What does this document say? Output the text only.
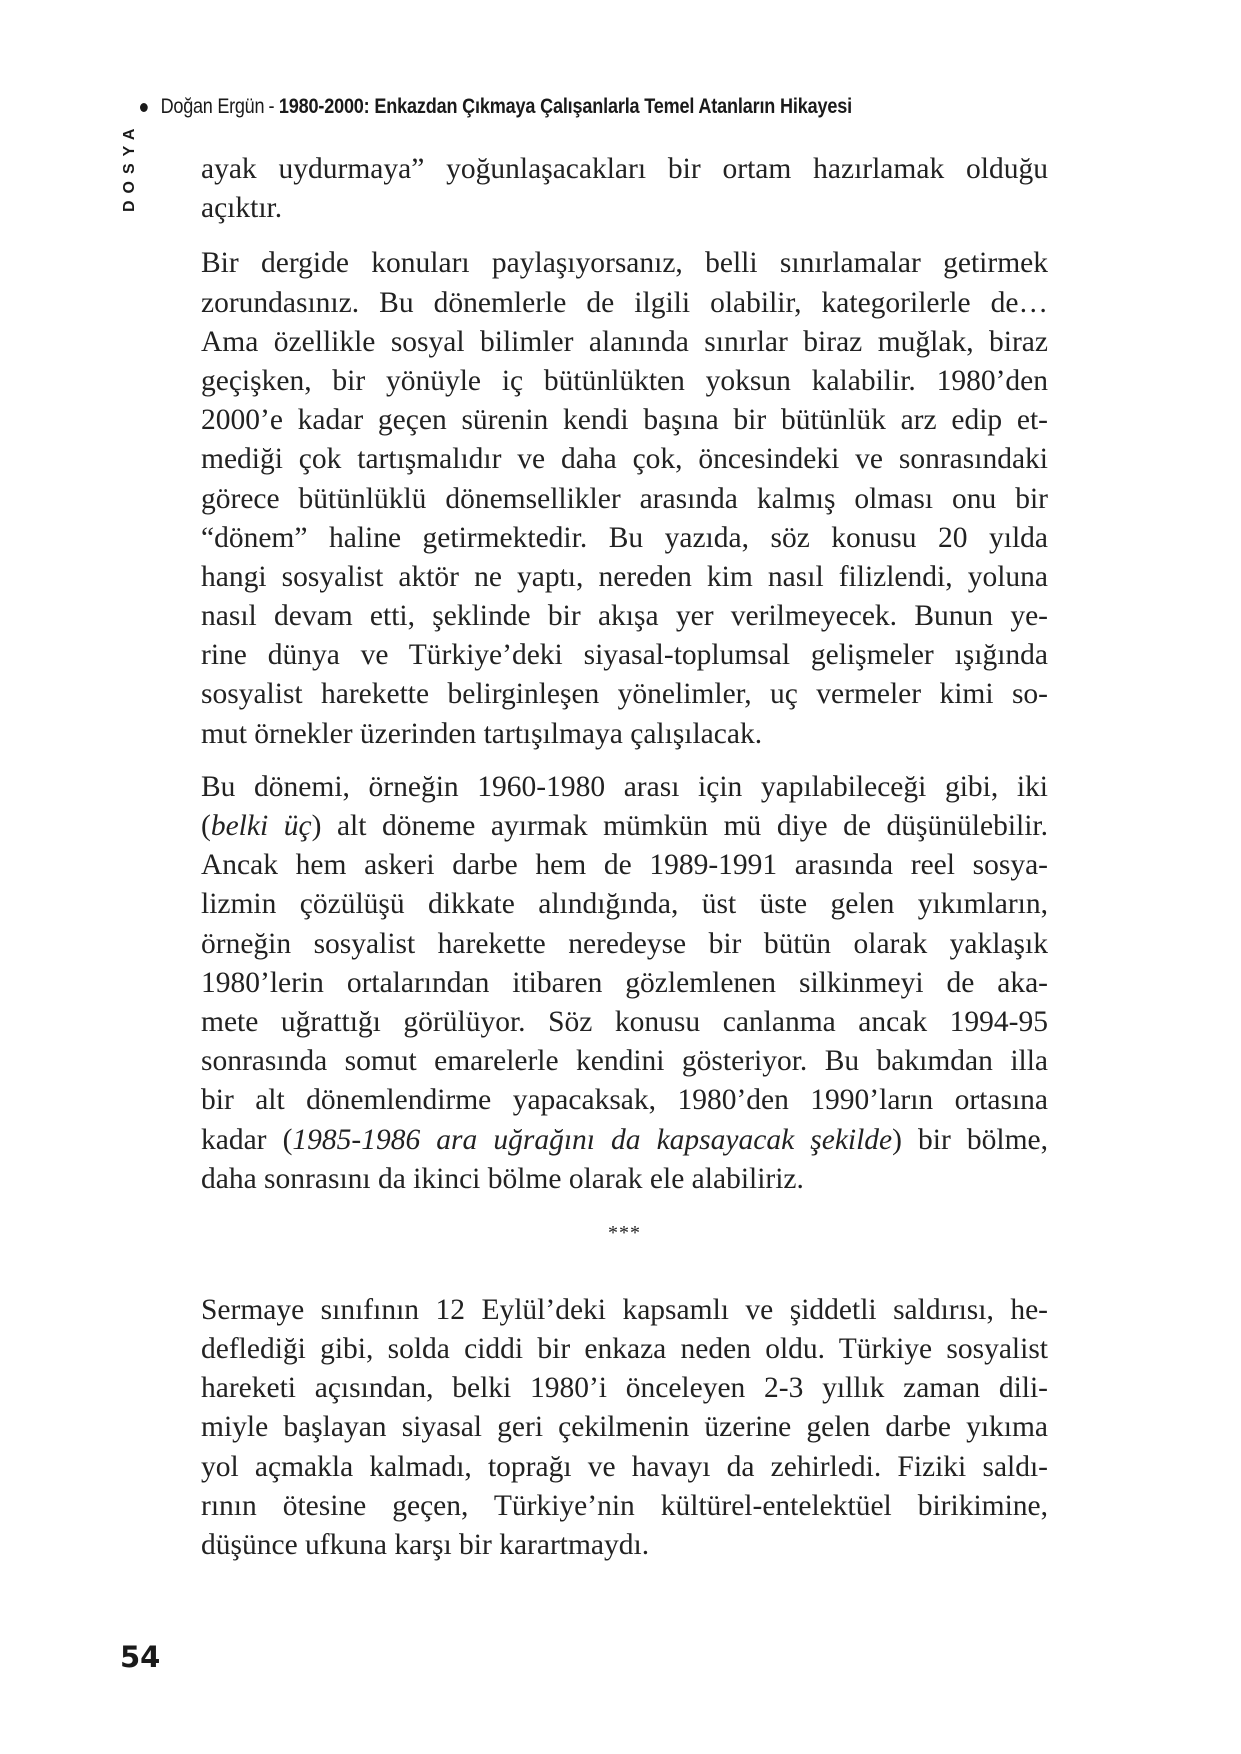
Doğan Ergün - 1980-2000: Enkazdan Çıkmaya Çalışanlarla Temel Atanların Hikayesi
DOSYA ayak uydurmaya” yoğunlaşacakları bir ortam hazırlamak olduğu
açıktır.
Bir dergide konuları paylaşıyorsanız, belli sınırlamalar getirmek
zorundasınız. Bu dönemlerle de ilgili olabilir, kategorilerle de…
Ama özellikle sosyal bilimler alanında sınırlar biraz muğlak, biraz
geçişken, bir yönüyle iç bütünlükten yoksun kalabilir. 1980’den
2000’e kadar geçen sürenin kendi başına bir bütünlük arz edip et-
mediği çok tartışmalıdır ve daha çok, öncesindeki ve sonrasındaki
görece bütünlüklü dönemsellikler arasında kalmış olması onu bir
“dönem” haline getirmektedir. Bu yazıda, söz konusu 20 yılda
hangi sosyalist aktör ne yaptı, nereden kim nasıl filizlendi, yoluna
nasıl devam etti, şeklinde bir akışa yer verilmeyecek. Bunun ye-
rine dünya ve Türkiye’deki siyasal-toplumsal gelişmeler ışığında
sosyalist harekette belirginleşen yönelimler, uç vermeler kimi so-
mut örnekler üzerinden tartışılmaya çalışılacak.
Bu dönemi, örneğin 1960-1980 arası için yapılabileceği gibi, iki
(belki üç) alt döneme ayırmak mümkün mü diye de düşünülebilir.
Ancak hem askeri darbe hem de 1989-1991 arasında reel sosya-
lizmin çözülüşü dikkate alındığında, üst üste gelen yıkımların,
örneğin sosyalist harekette neredeyse bir bütün olarak yaklaşık
1980’lerin ortalarından itibaren gözlemlenen silkinmeyi de aka-
mete uğrattığı görülüyor. Söz konusu canlanma ancak 1994-95
sonrasında somut emarelerle kendini gösteriyor. Bu bakımdan illa
bir alt dönemlendirme yapacaksak, 1980’den 1990’ların ortasına
kadar (1985-1986 ara uğrağını da kapsayacak şekilde) bir bölme,
daha sonrasını da ikinci bölme olarak ele alabiliriz.
***
Sermaye sınıfının 12 Eylül’deki kapsamlı ve şiddetli saldırısı, he-
deflediği gibi, solda ciddi bir enkaza neden oldu. Türkiye sosyalist
hareketi açısından, belki 1980’i önceleyen 2-3 yıllık zaman dili-
miyle başlayan siyasal geri çekilmenin üzerine gelen darbe yıkıma
yol açmakla kalmadı, toprağı ve havayı da zehirledi. Fiziki saldı-
rının ötesine geçen, Türkiye’nin kültürel-entelektüel birikimine,
düşünce ufkuna karşı bir karartmaydı.
54
